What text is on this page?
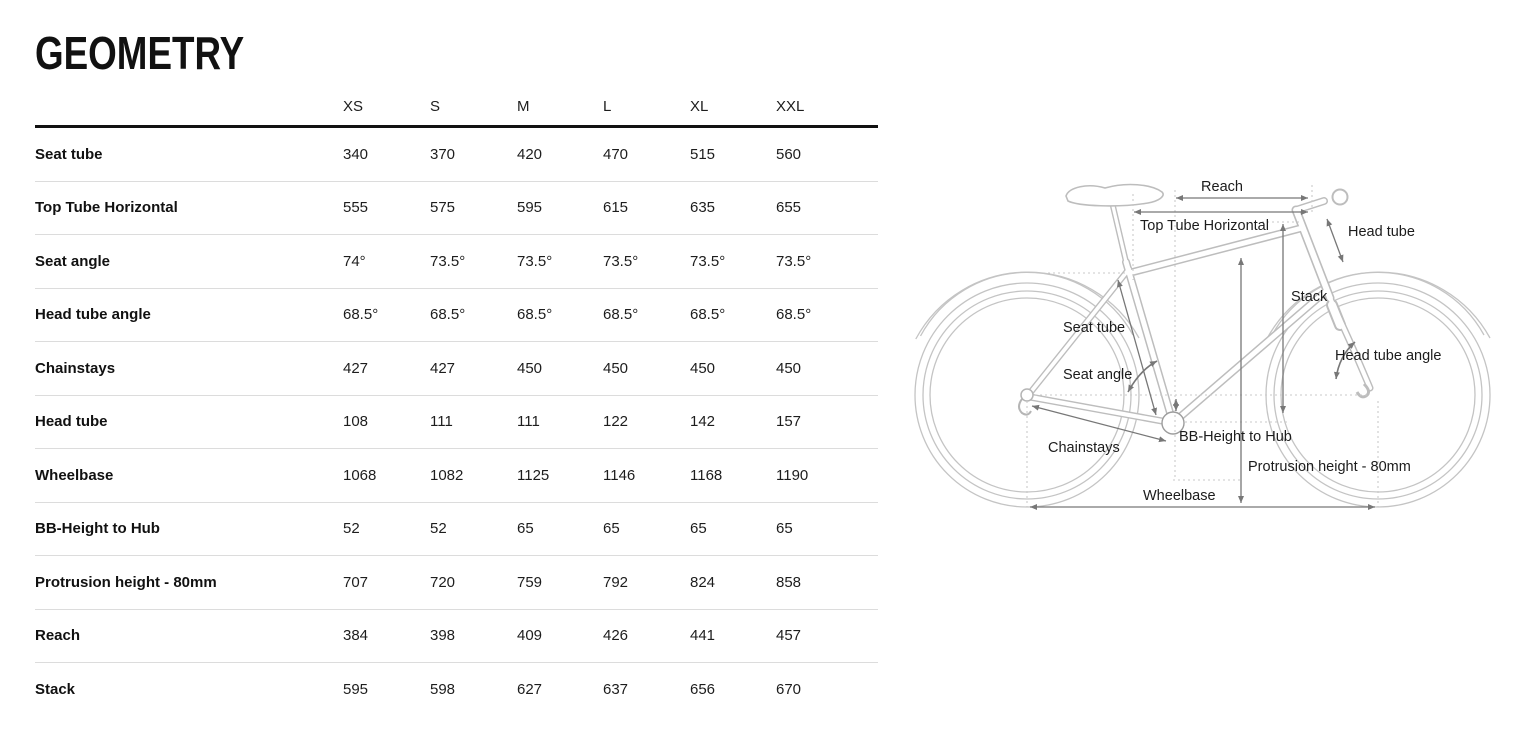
GEOMETRY
XS	S	M	L	XL	XXL
Seat tube	340	370	420	470	515	560
Top Tube Horizontal	555	575	595	615	635	655
Seat angle	74°	73.5°	73.5°	73.5°	73.5°	73.5°
Head tube angle	68.5°	68.5°	68.5°	68.5°	68.5°	68.5°
Chainstays	427	427	450	450	450	450
Head tube	108	111	111	122	142	157
Wheelbase	1068	1082	1125	1146	1168	1190
BB-Height to Hub	52	52	65	65	65	65
Protrusion height - 80mm	707	720	759	792	824	858
Reach	384	398	409	426	441	457
Stack	595	598	627	637	656	670
Reach
Top Tube Horizontal	Head tube
Stack
Seat tube
Head tube angle
Seat angle
Chainstays
BB-Height to Hub
Protrusion height - 80mm
Wheelbase
